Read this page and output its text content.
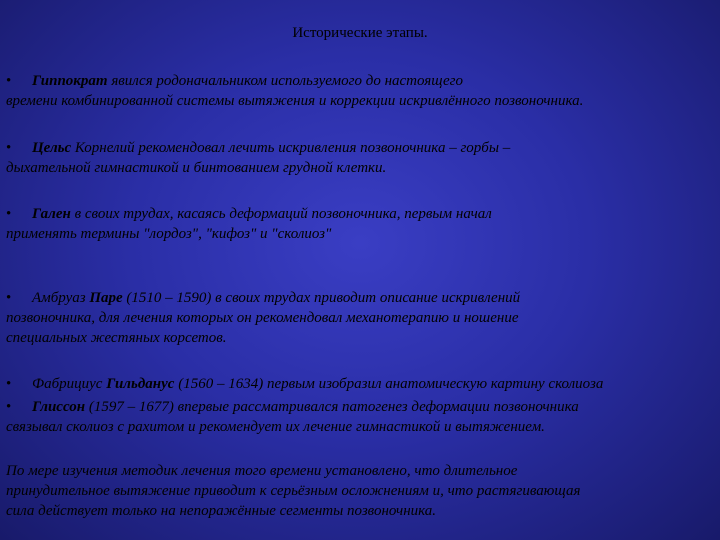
Исторические этапы.
• Гиппократ явился родоначальником используемого до настоящего
времени комбинированной системы вытяжения и коррекции искривлённого позвоночника.
• Цельс Корнелий рекомендовал лечить искривления позвоночника – горбы –
дыхательной гимнастикой и бинтованием грудной клетки.
• Гален в своих трудах, касаясь деформаций позвоночника, первым начал
применять термины "лордоз", "кифоз" и "сколиоз"
• Амбруаз Паре (1510 – 1590) в своих трудах приводит описание искривлений
позвоночника, для лечения которых он рекомендовал механотерапию и ношение
специальных жестяных корсетов.
• Фабрициус Гильданус (1560 – 1634) первым изобразил анатомическую картину сколиоза
• Глиссон (1597 – 1677) впервые рассматривался патогенез деформации позвоночника
связывал сколиоз с рахитом и рекомендует их лечение гимнастикой и вытяжением.
По мере изучения методик лечения того времени установлено, что длительное
принудительное вытяжение приводит к серьёзным осложнениям и, что растягивающая
сила действует только на непоражённые сегменты позвоночника.
